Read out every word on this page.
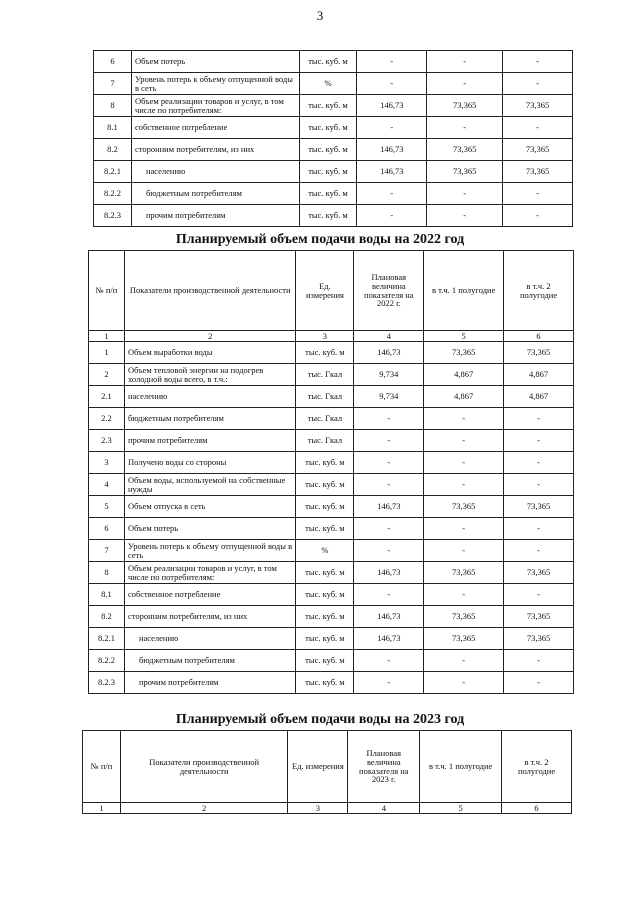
3
6	Объем потерь	тыс. куб. м	-	-	-
7	Уровень потерь к объему отпущенной воды в сеть	%	-	-	-
8	Объем реализации товаров и услуг, в том числе по потребителям:	тыс. куб. м	146,73	73,365	73,365
8.1	собственное потребление	тыс. куб. м	-	-	-
8.2	сторонним потребителям, из них	тыс. куб. м	146,73	73,365	73,365
8.2.1	населению	тыс. куб. м	146,73	73,365	73,365
8.2.2	бюджетным потребителям	тыс. куб. м	-	-	-
8.2.3	прочим потребителям	тыс. куб. м	-	-	-
Планируемый объем подачи воды на 2022 год
№ п/п	Показатели производственной деятельности	Ед. измерения	Плановая величина показателя на 2022 г.	в т.ч. 1 полугодие	в т.ч. 2 полугодие
1	2	3	4	5	6
1	Объем выработки воды	тыс. куб. м	146,73	73,365	73,365
2	Объем тепловой энергии на подогрев холодной воды всего, в т.ч.:	тыс. Гкал	9,734	4,867	4,867
2.1	населению	тыс. Гкал	9,734	4,867	4,867
2.2	бюджетным потребителям	тыс. Гкал	-	-	-
2.3	прочим потребителям	тыс. Гкал	-	-	-
3	Получено воды со стороны	тыс. куб. м	-	-	-
4	Объем воды, используемой на собственные нужды	тыс. куб. м	-	-	-
5	Объем отпуска в сеть	тыс. куб. м	146,73	73,365	73,365
6	Объем потерь	тыс. куб. м	-	-	-
7	Уровень потерь к объему отпущенной воды в сеть	%	-	-	-
8	Объем реализации товаров и услуг, в том числе по потребителям:	тыс. куб. м	146,73	73,365	73,365
8.1	собственное потребление	тыс. куб. м	-	-	-
8.2	сторонним потребителям, из них	тыс. куб. м	146,73	73,365	73,365
8.2.1	населению	тыс. куб. м	146,73	73,365	73,365
8.2.2	бюджетным потребителям	тыс. куб. м	-	-	-
8.2.3	прочим потребителям	тыс. куб. м	-	-	-
Планируемый объем подачи воды на 2023 год
№ п/п	Показатели производственной деятельности	Ед. измерения	Плановая величина показателя на 2023 г.	в т.ч. 1 полугодие	в т.ч. 2 полугодие
1	2	3	4	5	6
